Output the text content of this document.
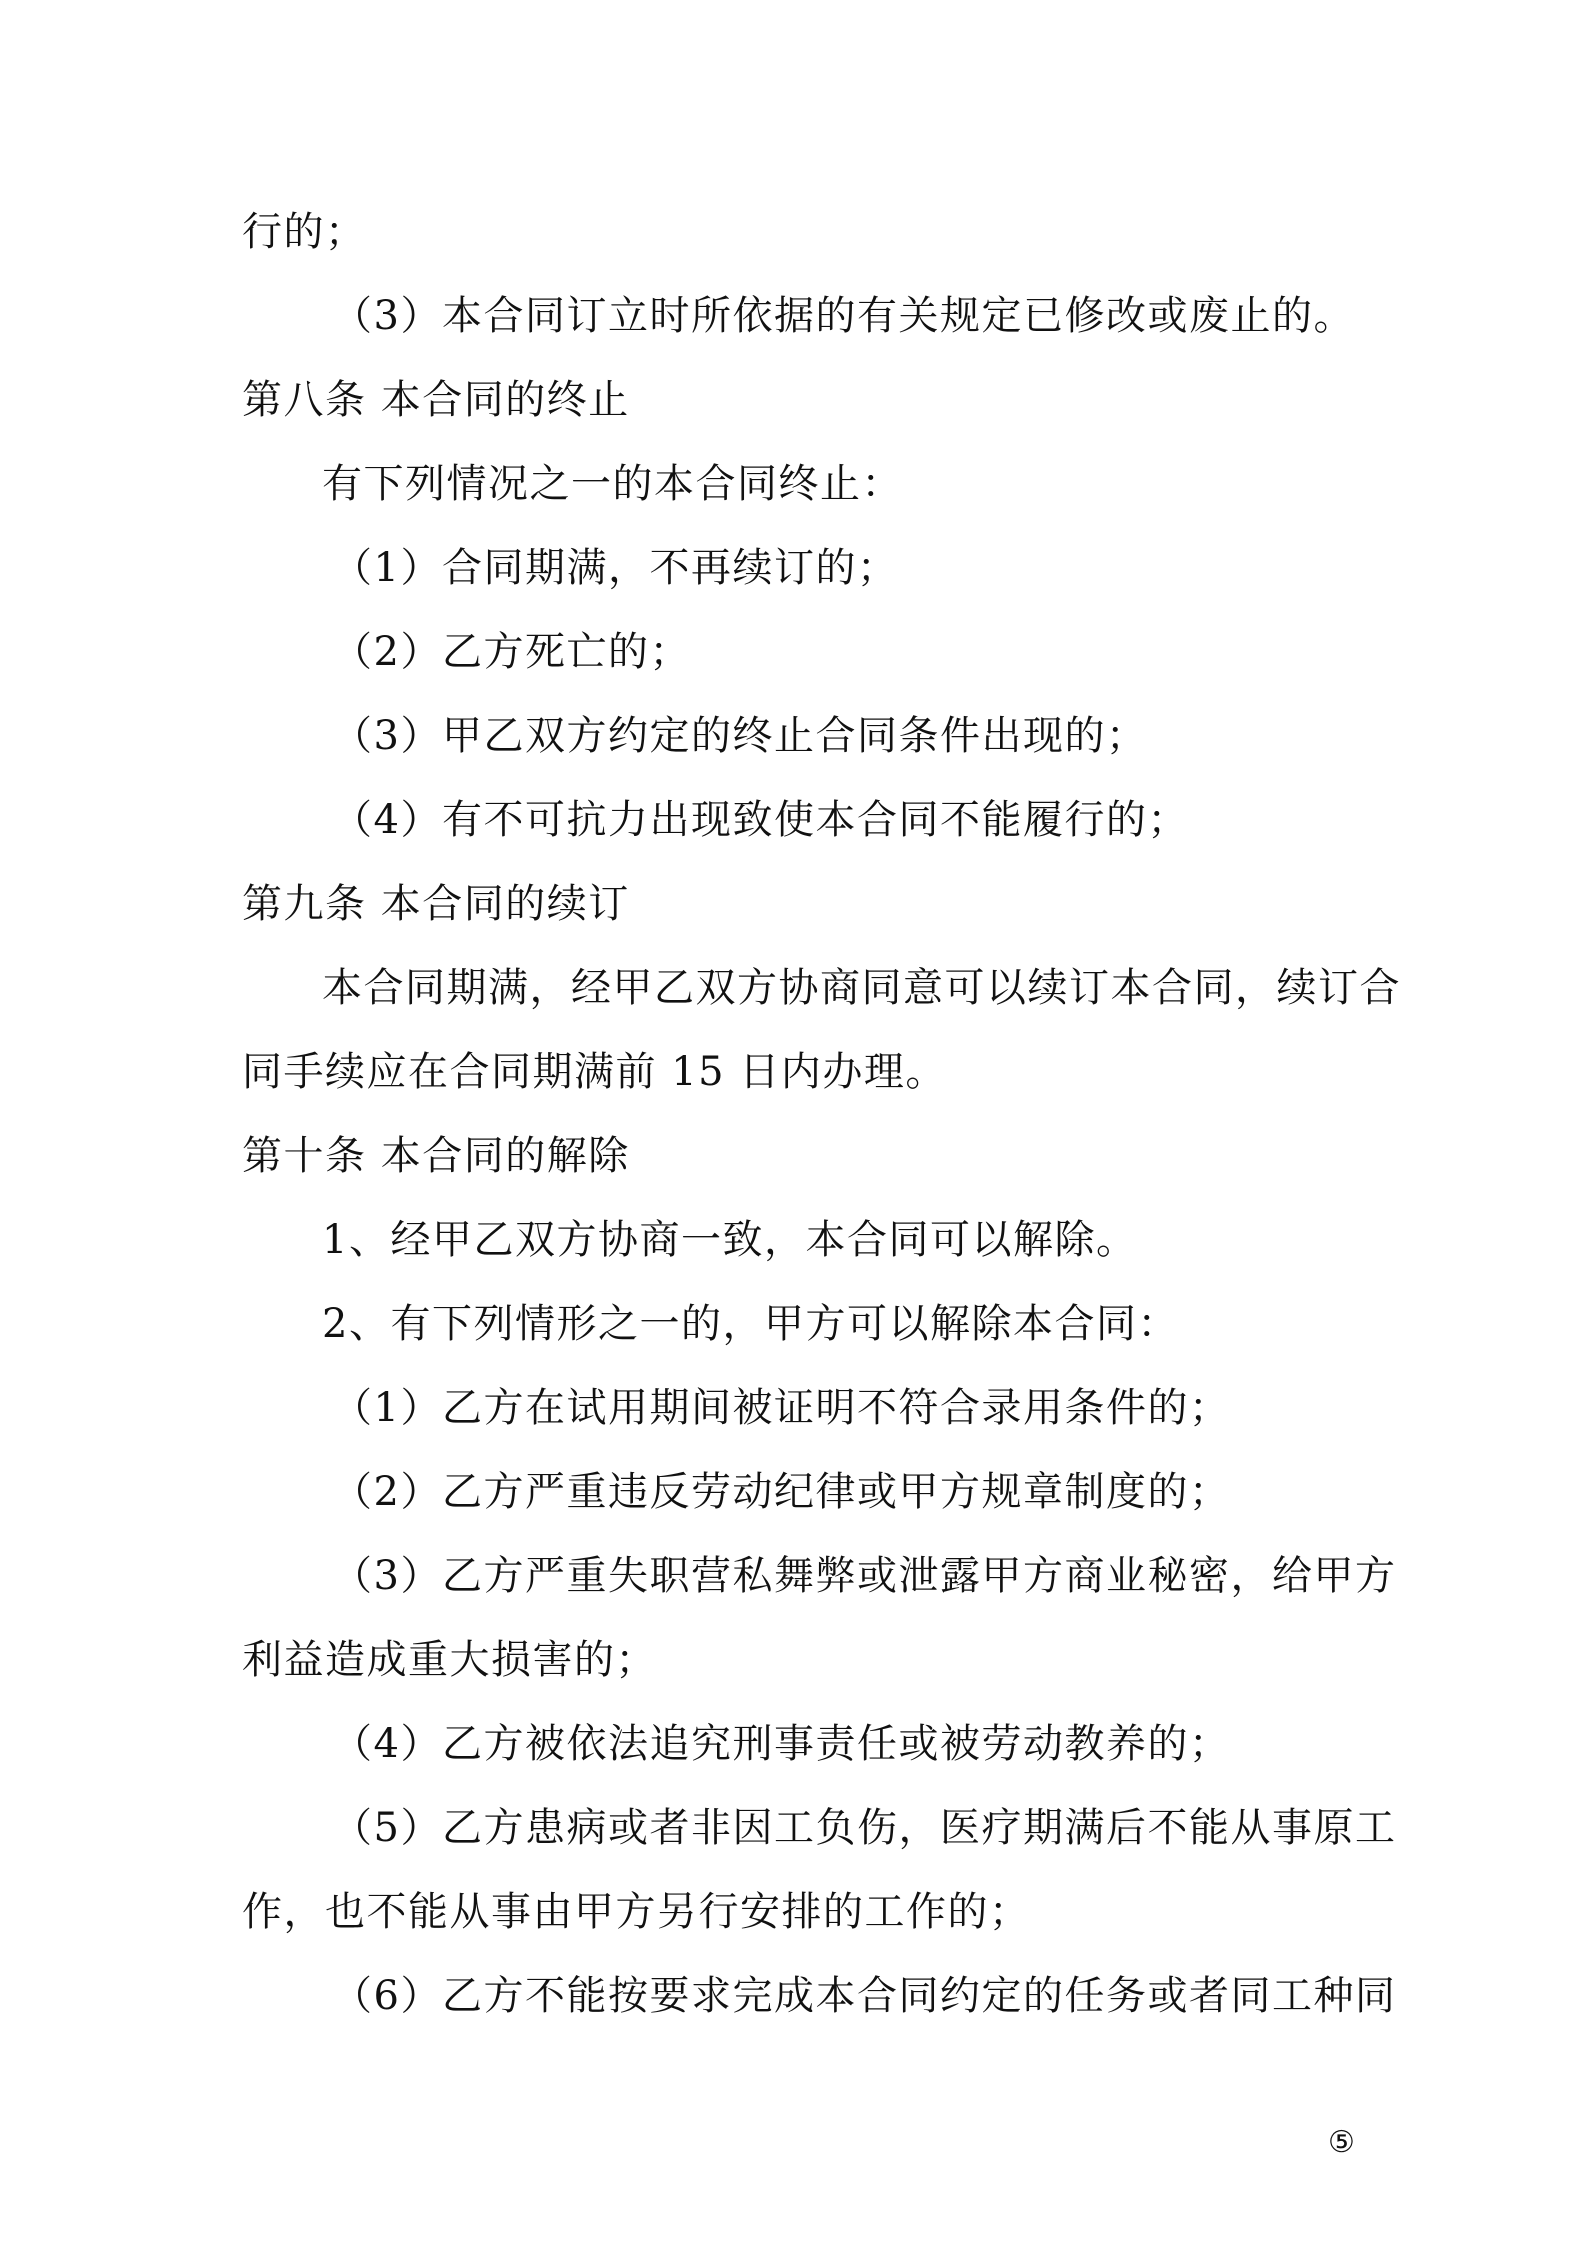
行的；
（3）本合同订立时所依据的有关规定已修改或废止的。
第八条 本合同的终止
有下列情况之一的本合同终止：
（1）合同期满，不再续订的；
（2）乙方死亡的；
（3）甲乙双方约定的终止合同条件出现的；
（4）有不可抗力出现致使本合同不能履行的；
第九条 本合同的续订
本合同期满，经甲乙双方协商同意可以续订本合同，续订合
同手续应在合同期满前 15 日内办理。
第十条 本合同的解除
1、经甲乙双方协商一致，本合同可以解除。
2、有下列情形之一的，甲方可以解除本合同：
（1）乙方在试用期间被证明不符合录用条件的；
（2）乙方严重违反劳动纪律或甲方规章制度的；
（3）乙方严重失职营私舞弊或泄露甲方商业秘密，给甲方
利益造成重大损害的；
（4）乙方被依法追究刑事责任或被劳动教养的；
（5）乙方患病或者非因工负伤，医疗期满后不能从事原工
作，也不能从事由甲方另行安排的工作的；
（6）乙方不能按要求完成本合同约定的任务或者同工种同
⑤
